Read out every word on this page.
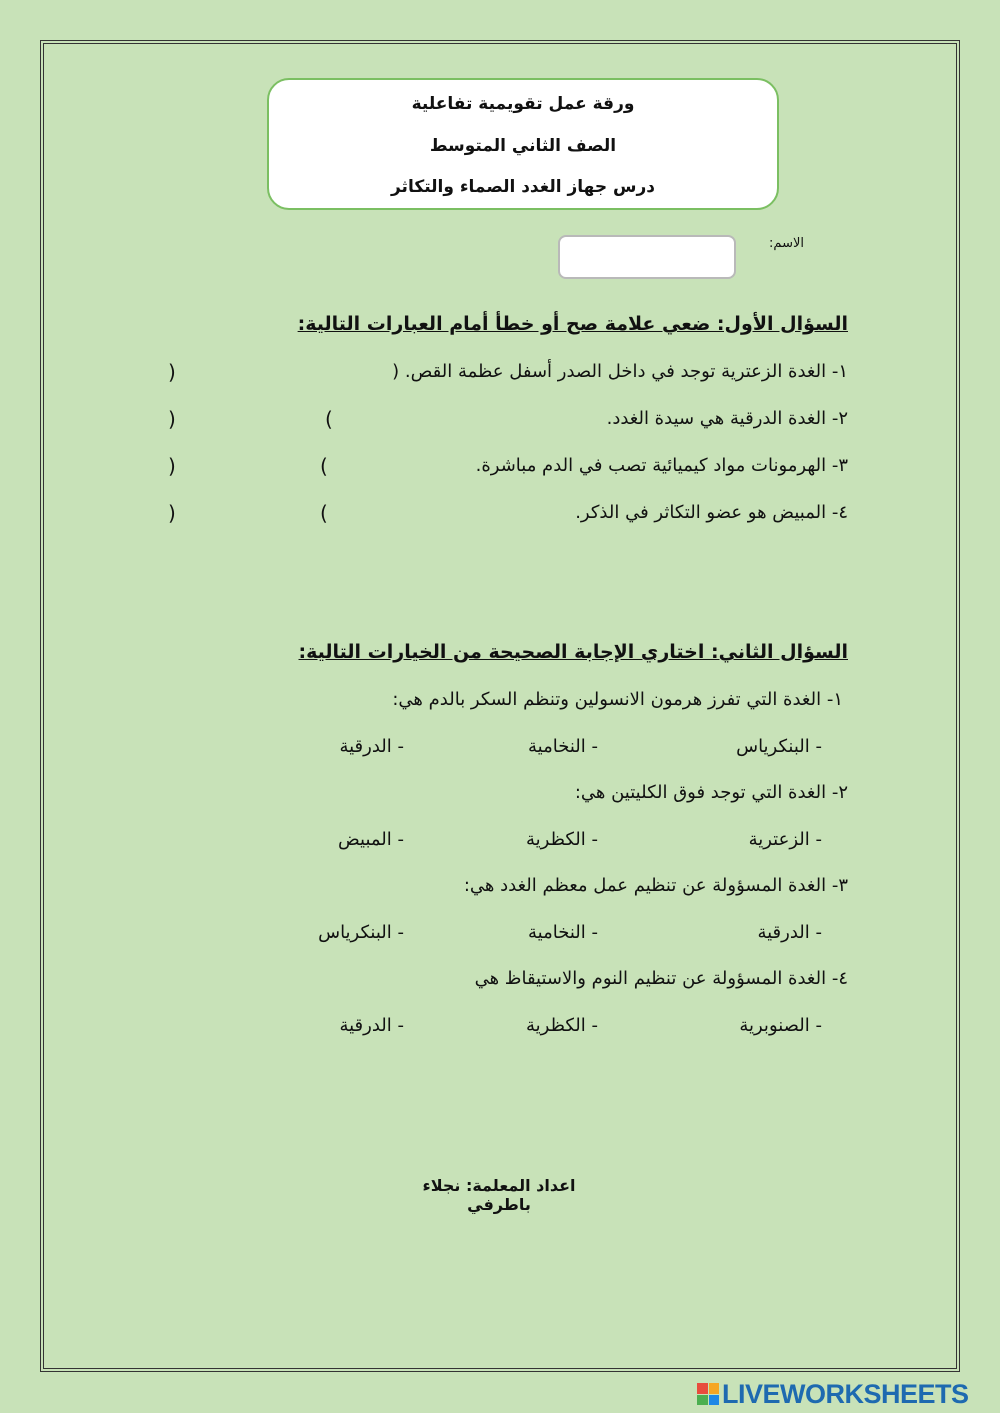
ورقة عمل تقويمية تفاعلية
الصف الثاني المتوسط
درس جهاز الغدد الصماء والتكاثر
الاسم:
السؤال الأول: ضعي علامة صح أو خطأ أمام العبارات التالية:
١- الغدة الزعترية توجد في داخل الصدر أسفل عظمة القص. (
)
٢- الغدة الدرقية هي سيدة الغدد.
(
)
٣- الهرمونات مواد كيميائية تصب في الدم مباشرة.
(
)
٤- المبيض هو عضو التكاثر في الذكر.
(
)
السؤال الثاني: اختاري الإجابة الصحيحة من الخيارات التالية:
١- الغدة التي تفرز هرمون الانسولين وتنظم السكر بالدم هي:
- البنكرياس
- النخامية
- الدرقية
٢- الغدة التي توجد فوق الكليتين هي:
- الزعترية
- الكظرية
- المبيض
٣- الغدة المسؤولة عن تنظيم عمل معظم الغدد هي:
- الدرقية
- النخامية
- البنكرياس
٤- الغدة المسؤولة عن تنظيم النوم والاستيقاظ هي
- الصنوبرية
- الكظرية
- الدرقية
اعداد المعلمة: نجلاء باطرفي
LIVEWORKSHEETS
